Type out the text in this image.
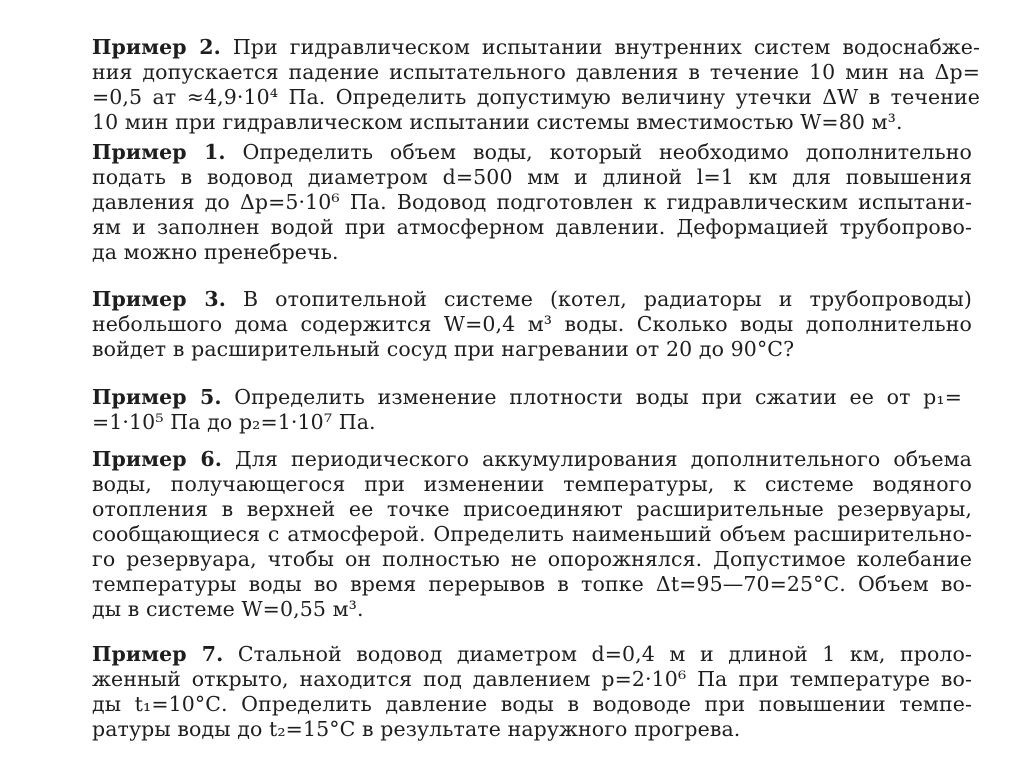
Пример 2. При гидравлическом испытании внутренних систем водоснабже-
ния допускается падение испытательного давления в течение 10 мин на Δp=
=0,5 ат ≈4,9·10⁴ Па. Определить допустимую величину утечки ΔW в течение
10 мин при гидравлическом испытании системы вместимостью W=80 м³.
Пример 1. Определить объем воды, который необходимо дополнительно
подать в водовод диаметром d=500 мм и длиной l=1 км для повышения
давления до Δp=5·10⁶ Па. Водовод подготовлен к гидравлическим испытани-
ям и заполнен водой при атмосферном давлении. Деформацией трубопрово-
да можно пренебречь.
Пример 3. В отопительной системе (котел, радиаторы и трубопроводы)
небольшого дома содержится W=0,4 м³ воды. Сколько воды дополнительно
войдет в расширительный сосуд при нагревании от 20 до 90°С?
Пример 5. Определить изменение плотности воды при сжатии ее от p₁=
=1·10⁵ Па до p₂=1·10⁷ Па.
Пример 6. Для периодического аккумулирования дополнительного объема
воды, получающегося при изменении температуры, к системе водяного
отопления в верхней ее точке присоединяют расширительные резервуары,
сообщающиеся с атмосферой. Определить наименьший объем расширительно-
го резервуара, чтобы он полностью не опорожнялся. Допустимое колебание
температуры воды во время перерывов в топке Δt=95—70=25°С. Объем во-
ды в системе W=0,55 м³.
Пример 7. Стальной водовод диаметром d=0,4 м и длиной 1 км, проло-
женный открыто, находится под давлением p=2·10⁶ Па при температуре во-
ды t₁=10°С. Определить давление воды в водоводе при повышении темпе-
ратуры воды до t₂=15°С в результате наружного прогрева.
